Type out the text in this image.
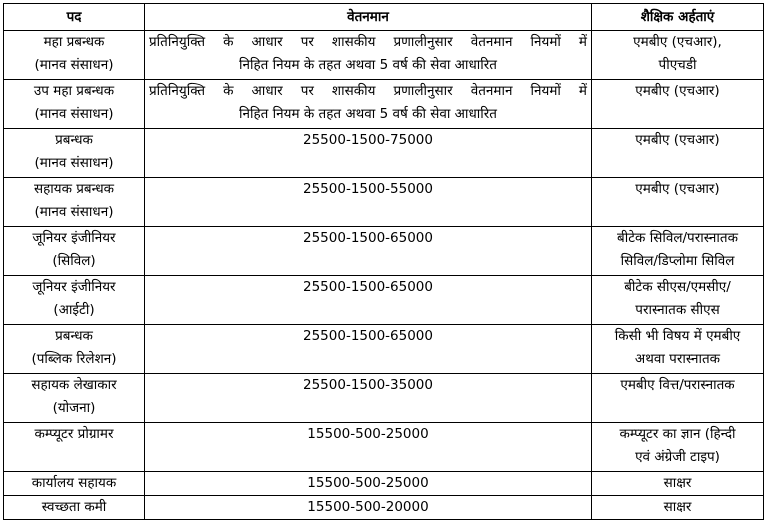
पद	वेतनमान	शैक्षिक अर्हताएं

महा प्रबन्धक
(मानव संसाधन)	प्रतिनियुक्ति के आधार पर शासकीय प्रणालीनुसार वेतनमान नियमों में
निहित नियम के तहत अथवा 5 वर्ष की सेवा आधारित	एमबीए (एचआर),
पीएचडी

उप महा प्रबन्धक
(मानव संसाधन)	प्रतिनियुक्ति के आधार पर शासकीय प्रणालीनुसार वेतनमान नियमों में
निहित नियम के तहत अथवा 5 वर्ष की सेवा आधारित	एमबीए (एचआर)

प्रबन्धक
(मानव संसाधन)	25500-1500-75000	एमबीए (एचआर)

सहायक प्रबन्धक
(मानव संसाधन)	25500-1500-55000	एमबीए (एचआर)

जूनियर इंजीनियर
(सिविल)	25500-1500-65000	बीटेक सिविल/परास्नातक
सिविल/डिप्लोमा सिविल

जूनियर इंजीनियर
(आईटी)	25500-1500-65000	बीटेक सीएस/एमसीए/
परास्नातक सीएस

प्रबन्धक
(पब्लिक रिलेशन)	25500-1500-65000	किसी भी विषय में एमबीए
अथवा परास्नातक

सहायक लेखाकार
(योजना)	25500-1500-35000	एमबीए वित्त/परास्नातक

कम्प्यूटर प्रोग्रामर	15500-500-25000	कम्प्यूटर का ज्ञान (हिन्दी
एवं अंग्रेजी टाइप)

कार्यालय सहायक	15500-500-25000	साक्षर

स्वच्छता कमी	15500-500-20000	साक्षर
